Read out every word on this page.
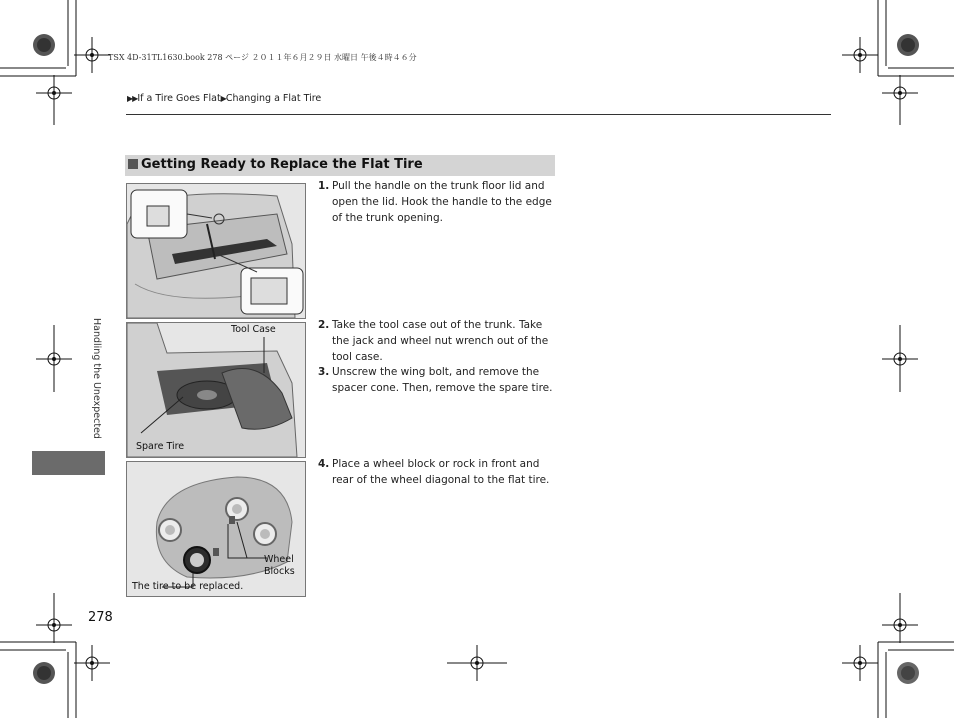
TSX 4D-31TL1630.book 278 ページ ２０１１年６月２９日 水曜日 午後４時４６分
▶▶If a Tire Goes Flat▶Changing a Flat Tire
Getting Ready to Replace the Flat Tire
Tool Case
Spare Tire
Wheel
Blocks
The tire to be replaced.
1. Pull the handle on the trunk floor lid and open the lid. Hook the handle to the edge of the trunk opening.
2. Take the tool case out of the trunk. Take the jack and wheel nut wrench out of the tool case.
3. Unscrew the wing bolt, and remove the spacer cone. Then, remove the spare tire.
4. Place a wheel block or rock in front and rear of the wheel diagonal to the flat tire.
Handling the Unexpected
278
